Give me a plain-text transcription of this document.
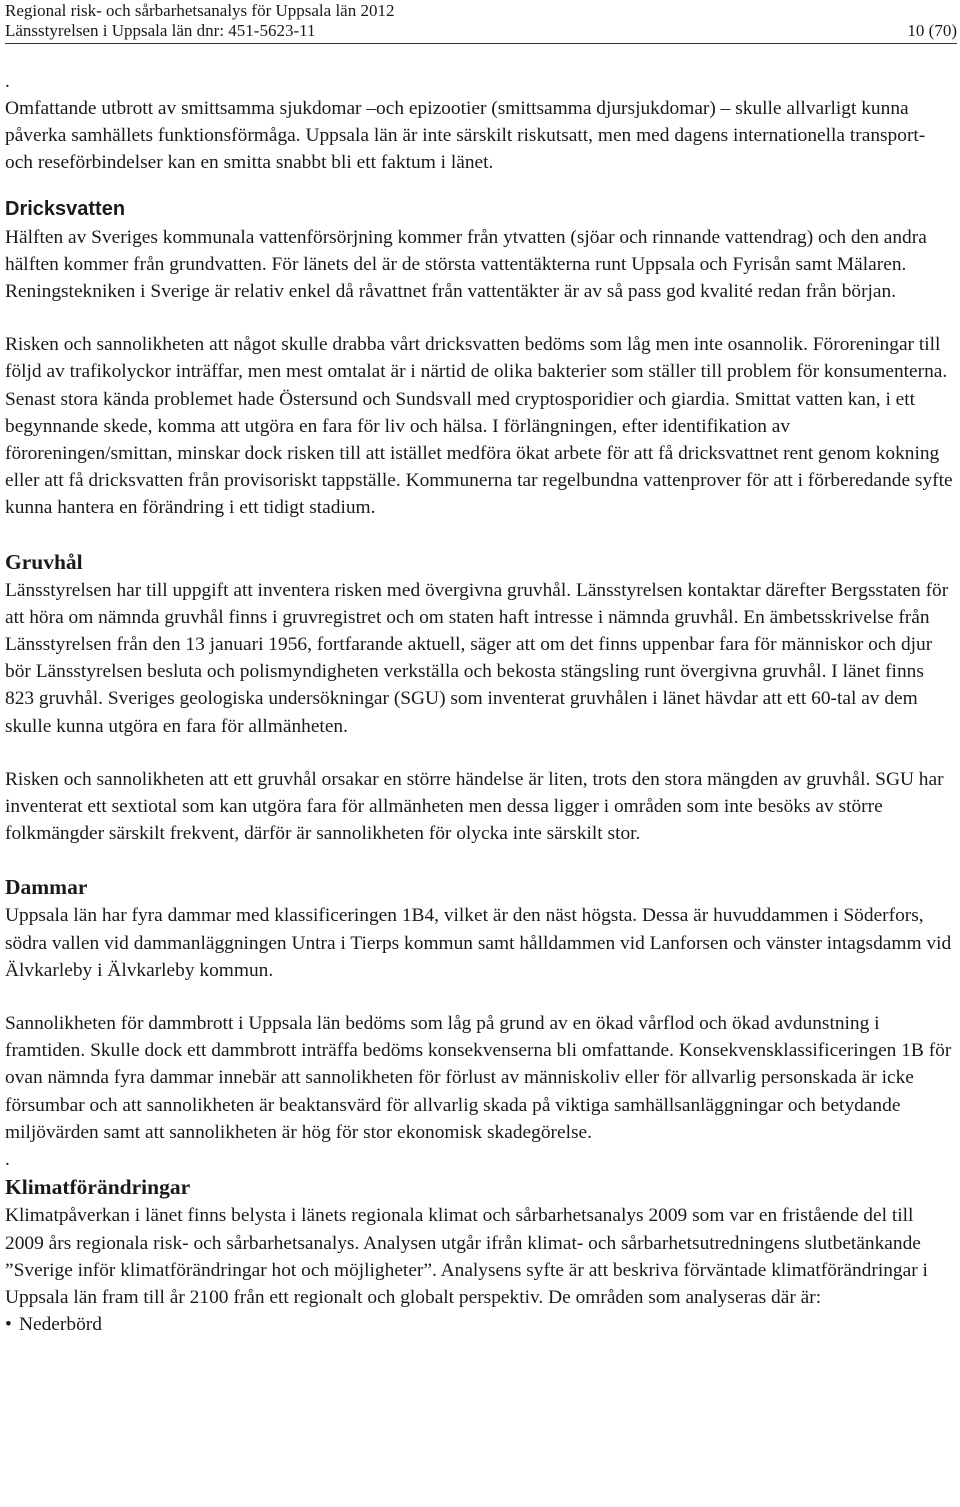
Regional risk- och sårbarhetsanalys för Uppsala län 2012
Länsstyrelsen i Uppsala län dnr: 451-5623-11	10 (70)
.

Omfattande utbrott av smittsamma sjukdomar –och epizootier (smittsamma djursjukdomar) – skulle allvarligt kunna påverka samhällets funktionsförmåga. Uppsala län är inte särskilt riskutsatt, men med dagens internationella transport- och reseförbindelser kan en smitta snabbt bli ett faktum i länet.

Dricksvatten

Hälften av Sveriges kommunala vattenförsörjning kommer från ytvatten (sjöar och rinnande vattendrag) och den andra hälften kommer från grundvatten. För länets del är de största vattentäkterna runt Uppsala och Fyrisån samt Mälaren. Reningstekniken i Sverige är relativ enkel då råvattnet från vattentäkter är av så pass god kvalité redan från början.

Risken och sannolikheten att något skulle drabba vårt dricksvatten bedöms som låg men inte osannolik. Föroreningar till följd av trafikolyckor inträffar, men mest omtalat är i närtid de olika bakterier som ställer till problem för konsumenterna. Senast stora kända problemet hade Östersund och Sundsvall med cryptosporidier och giardia. Smittat vatten kan, i ett begynnande skede, komma att utgöra en fara för liv och hälsa. I förlängningen, efter identifikation av föroreningen/smittan, minskar dock risken till att istället medföra ökat arbete för att få dricksvattnet rent genom kokning eller att få dricksvatten från provisoriskt tappställe. Kommunerna tar regelbundna vattenprover för att i förberedande syfte kunna hantera en förändring i ett tidigt stadium.

Gruvhål

Länsstyrelsen har till uppgift att inventera risken med övergivna gruvhål. Länsstyrelsen kontaktar därefter Bergsstaten för att höra om nämnda gruvhål finns i gruvregistret och om staten haft intresse i nämnda gruvhål. En ämbetsskrivelse från Länsstyrelsen från den 13 januari 1956, fortfarande aktuell, säger att om det finns uppenbar fara för människor och djur bör Länsstyrelsen besluta och polismyndigheten verkställa och bekosta stängsling runt övergivna gruvhål. I länet finns 823 gruvhål. Sveriges geologiska undersökningar (SGU) som inventerat gruvhålen i länet hävdar att ett 60-tal av dem skulle kunna utgöra en fara för allmänheten.

Risken och sannolikheten att ett gruvhål orsakar en större händelse är liten, trots den stora mängden av gruvhål. SGU har inventerat ett sextiotal som kan utgöra fara för allmänheten men dessa ligger i områden som inte besöks av större folkmängder särskilt frekvent, därför är sannolikheten för olycka inte särskilt stor.

Dammar

Uppsala län har fyra dammar med klassificeringen 1B4, vilket är den näst högsta. Dessa är huvuddammen i Söderfors, södra vallen vid dammanläggningen Untra i Tierps kommun samt hålldammen vid Lanforsen och vänster intagsdamm vid Älvkarleby i Älvkarleby kommun.

Sannolikheten för dammbrott i Uppsala län bedöms som låg på grund av en ökad vårflod och ökad avdunstning i framtiden. Skulle dock ett dammbrott inträffa bedöms konsekvenserna bli omfattande. Konsekvensklassificeringen 1B för ovan nämnda fyra dammar innebär att sannolikheten för förlust av människoliv eller för allvarlig personskada är icke försumbar och att sannolikheten är beaktansvärd för allvarlig skada på viktiga samhällsanläggningar och betydande miljövärden samt att sannolikheten är hög för stor ekonomisk skadegörelse.

.
Klimatförändringar

Klimatpåverkan i länet finns belysta i länets regionala klimat och sårbarhetsanalys 2009 som var en fristående del till 2009 års regionala risk- och sårbarhetsanalys. Analysen utgår ifrån klimat- och sårbarhetsutredningens slutbetänkande ”Sverige inför klimatförändringar hot och möjligheter”. Analysens syfte är att beskriva förväntade klimatförändringar i Uppsala län fram till år 2100 från ett regionalt och globalt perspektiv. De områden som analyseras där är:

• Nederbörd
